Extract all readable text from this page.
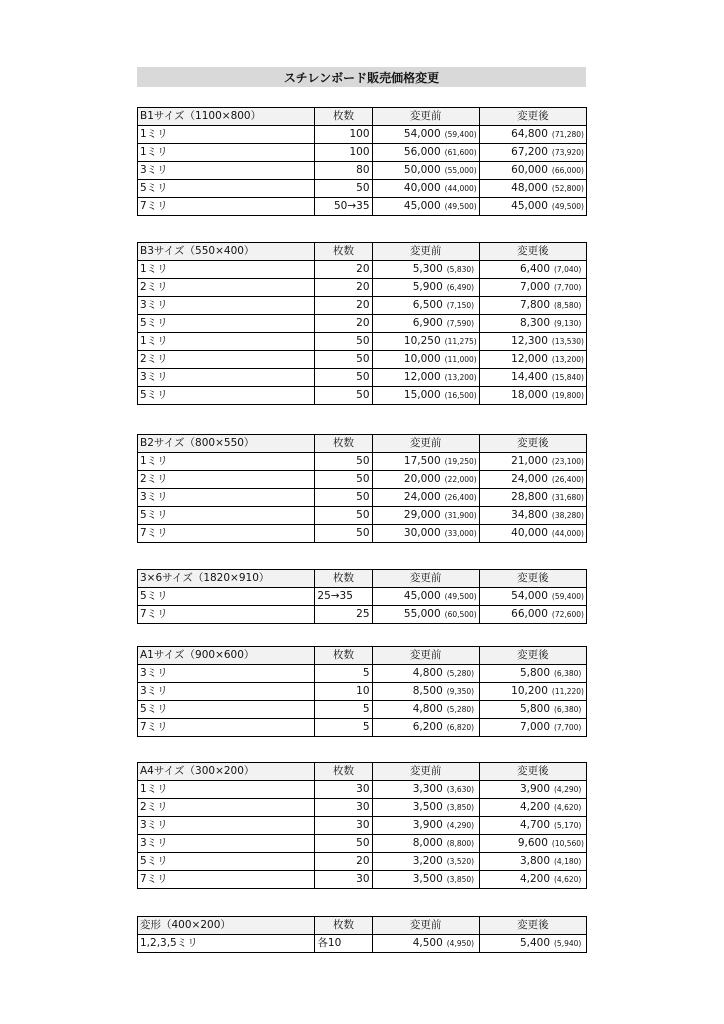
スチレンボード販売価格変更
B1サイズ（1100×800）	枚数	変更前	変更後
1ミリ	100	54,000 (59,400)	64,800 (71,280)
1ミリ	100	56,000 (61,600)	67,200 (73,920)
3ミリ	80	50,000 (55,000)	60,000 (66,000)
5ミリ	50	40,000 (44,000)	48,000 (52,800)
7ミリ	50→35	45,000 (49,500)	45,000 (49,500)
B3サイズ（550×400）	枚数	変更前	変更後
1ミリ	20	5,300 (5,830)	6,400 (7,040)
2ミリ	20	5,900 (6,490)	7,000 (7,700)
3ミリ	20	6,500 (7,150)	7,800 (8,580)
5ミリ	20	6,900 (7,590)	8,300 (9,130)
1ミリ	50	10,250 (11,275)	12,300 (13,530)
2ミリ	50	10,000 (11,000)	12,000 (13,200)
3ミリ	50	12,000 (13,200)	14,400 (15,840)
5ミリ	50	15,000 (16,500)	18,000 (19,800)
B2サイズ（800×550）	枚数	変更前	変更後
1ミリ	50	17,500 (19,250)	21,000 (23,100)
2ミリ	50	20,000 (22,000)	24,000 (26,400)
3ミリ	50	24,000 (26,400)	28,800 (31,680)
5ミリ	50	29,000 (31,900)	34,800 (38,280)
7ミリ	50	30,000 (33,000)	40,000 (44,000)
3×6サイズ（1820×910）	枚数	変更前	変更後
5ミリ	25→35	45,000 (49,500)	54,000 (59,400)
7ミリ	25	55,000 (60,500)	66,000 (72,600)
A1サイズ（900×600）	枚数	変更前	変更後
3ミリ	5	4,800 (5,280)	5,800 (6,380)
3ミリ	10	8,500 (9,350)	10,200 (11,220)
5ミリ	5	4,800 (5,280)	5,800 (6,380)
7ミリ	5	6,200 (6,820)	7,000 (7,700)
A4サイズ（300×200）	枚数	変更前	変更後
1ミリ	30	3,300 (3,630)	3,900 (4,290)
2ミリ	30	3,500 (3,850)	4,200 (4,620)
3ミリ	30	3,900 (4,290)	4,700 (5,170)
3ミリ	50	8,000 (8,800)	9,600 (10,560)
5ミリ	20	3,200 (3,520)	3,800 (4,180)
7ミリ	30	3,500 (3,850)	4,200 (4,620)
変形（400×200）	枚数	変更前	変更後
1,2,3,5ミリ	各10	4,500 (4,950)	5,400 (5,940)
